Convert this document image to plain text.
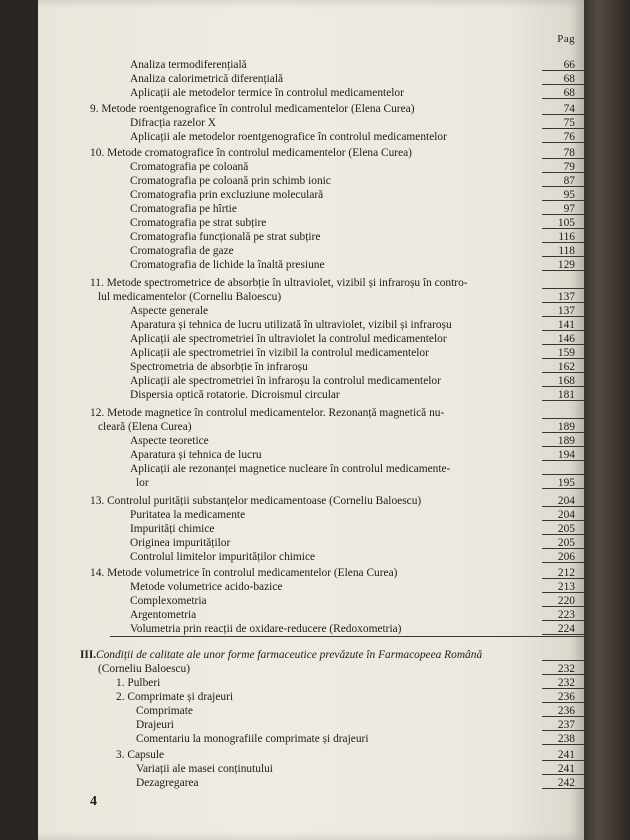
Pag
Analiza termodiferențială	66
Analiza calorimetrică diferențială	68
Aplicații ale metodelor termice în controlul medicamentelor	68
9. Metode roentgenografice în controlul medicamentelor (Elena Curea)	74
Difracția razelor X	75
Aplicații ale metodelor roentgenografice în controlul medicamentelor	76
10. Metode cromatografice în controlul medicamentelor (Elena Curea)	78
Cromatografia pe coloană	79
Cromatografia pe coloană prin schimb ionic	87
Cromatografia prin excluziune moleculară	95
Cromatografia pe hîrtie	97
Cromatografia pe strat subțire	105
Cromatografia funcțională pe strat subțire	116
Cromatografia de gaze	118
Cromatografia de lichide la înaltă presiune	129
11. Metode spectrometrice de absorbție în ultraviolet, vizibil și infraroșu în contro-
lul medicamentelor (Corneliu Baloescu)	137
Aspecte generale	137
Aparatura și tehnica de lucru utilizată în ultraviolet, vizibil și infraroșu	141
Aplicații ale spectrometriei în ultraviolet la controlul medicamentelor	146
Aplicații ale spectrometriei în vizibil la controlul medicamentelor	159
Spectrometria de absorbție în infraroșu	162
Aplicații ale spectrometriei în infraroșu la controlul medicamentelor	168
Dispersia optică rotatorie. Dicroismul circular	181
12. Metode magnetice în controlul medicamentelor. Rezonanță magnetică nu-
cleară (Elena Curea)	189
Aspecte teoretice	189
Aparatura și tehnica de lucru	194
Aplicații ale rezonanței magnetice nucleare în controlul medicamente-
lor	195
13. Controlul purității substanțelor medicamentoase (Corneliu Baloescu)	204
Puritatea la medicamente	204
Impurități chimice	205
Originea impurităților	205
Controlul limitelor impurităților chimice	206
14. Metode volumetrice în controlul medicamentelor (Elena Curea)	212
Metode volumetrice acido-bazice	213
Complexometria	220
Argentometria	223
Volumetria prin reacții de oxidare-reducere (Redoxometria)	224
III. Condiții de calitate ale unor forme farmaceutice prevăzute în Farmacopeea Română
(Corneliu Baloescu)	232
1. Pulberi	232
2. Comprimate și drajeuri	236
Comprimate	236
Drajeuri	237
Comentariu la monografiile comprimate și drajeuri	238
3. Capsule	241
Variații ale masei conținutului	241
Dezagregarea	242
4
